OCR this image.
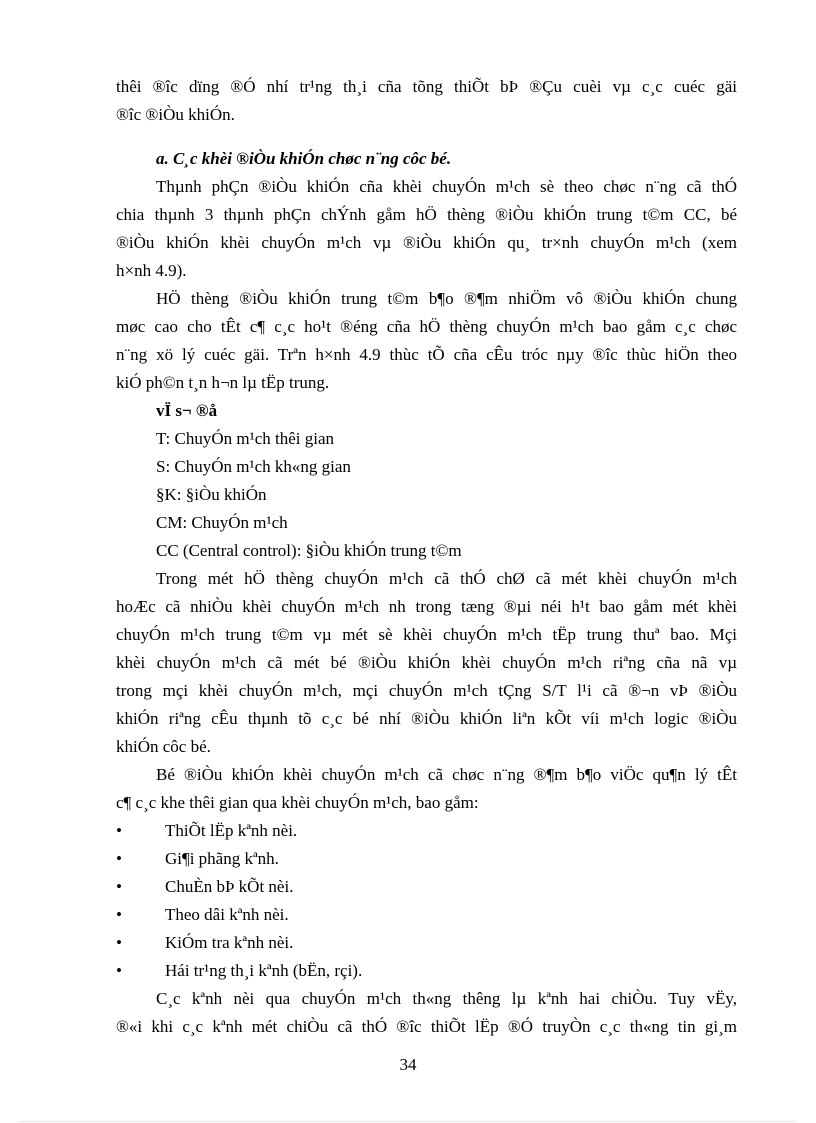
thêi ®îc dïng ®Ó nhí tr¹ng th¸i cña tõng thiÕt bÞ ®Çu cuèi vµ c¸c cuéc gäi
®îc ®iÒu khiÓn.
a. C¸c khèi ®iÒu khiÓn chøc n¨ng côc bé.
Thµnh phÇn ®iÒu khiÓn cña khèi chuyÓn m¹ch sè theo chøc n¨ng cã thÓ
chia thµnh 3 thµnh phÇn chÝnh gåm hÖ thèng ®iÒu khiÓn trung t©m CC, bé
®iÒu khiÓn khèi chuyÓn m¹ch vµ ®iÒu khiÓn qu¸ tr×nh chuyÓn m¹ch (xem
h×nh 4.9).
HÖ thèng ®iÒu khiÓn trung t©m b¶o ®¶m nhiÖm vô ®iÒu khiÓn chung
møc cao cho tÊt c¶ c¸c ho¹t ®éng cña hÖ thèng chuyÓn m¹ch bao gåm c¸c chøc
n¨ng xö lý cuéc gäi. Trªn h×nh 4.9 thùc tÕ cña cÊu tróc nµy ®îc thùc hiÖn theo
kiÓ ph©n t¸n h¬n lµ tËp trung.
vÏ s¬ ®å
T: ChuyÓn m¹ch thêi gian
S: ChuyÓn m¹ch kh«ng gian
§K: §iÒu khiÓn
CM: ChuyÓn m¹ch
CC (Central control): §iÒu khiÓn trung t©m
Trong mét hÖ thèng chuyÓn m¹ch cã thÓ chØ cã mét khèi chuyÓn m¹ch
hoÆc cã nhiÒu khèi chuyÓn m¹ch nh trong tæng ®µi néi h¹t bao gåm mét khèi
chuyÓn m¹ch trung t©m vµ mét sè khèi chuyÓn m¹ch tËp trung thuª bao. Mçi
khèi chuyÓn m¹ch cã mét bé ®iÒu khiÓn khèi chuyÓn m¹ch riªng cña nã vµ
trong mçi khèi chuyÓn m¹ch, mçi chuyÓn m¹ch tÇng S/T l¹i cã ®¬n vÞ ®iÒu
khiÓn riªng cÊu thµnh tõ c¸c bé nhí ®iÒu khiÓn liªn kÕt víi m¹ch logic ®iÒu
khiÓn côc bé.
Bé ®iÒu khiÓn khèi chuyÓn m¹ch cã chøc n¨ng ®¶m b¶o viÖc qu¶n lý tÊt
c¶ c¸c khe thêi gian qua khèi chuyÓn m¹ch, bao gåm:
•	ThiÕt lËp kªnh nèi.
•	Gi¶i phãng kªnh.
•	ChuÈn bÞ kÕt nèi.
•	Theo dâi kªnh nèi.
•	KiÓm tra kªnh nèi.
•	Hái tr¹ng th¸i kªnh (bËn, rçi).
C¸c kªnh nèi qua chuyÓn m¹ch th«ng thêng lµ kªnh hai chiÒu. Tuy vËy,
®«i khi c¸c kªnh mét chiÒu cã thÓ ®îc thiÕt lËp ®Ó truyÒn c¸c th«ng tin gi¸m
34
